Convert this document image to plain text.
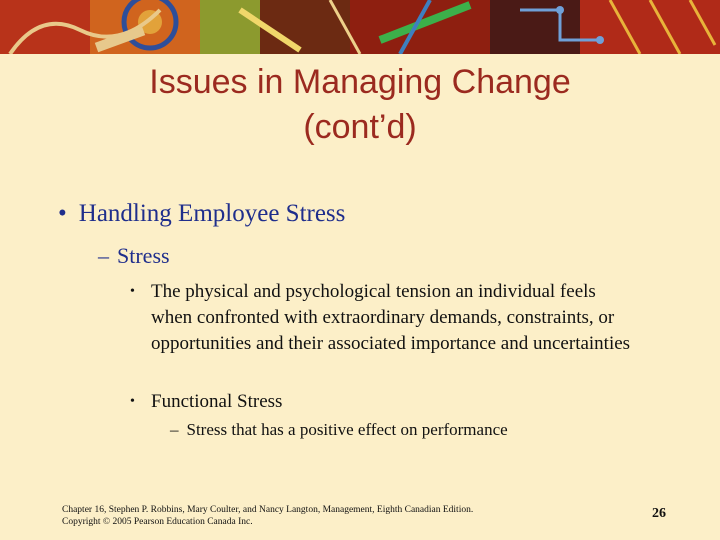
Issues in Managing Change
(cont’d)
• Handling Employee Stress
– Stress
• The physical and psychological tension an individual feels when confronted with extraordinary demands, constraints, or opportunities and their associated importance and uncertainties
• Functional Stress
– Stress that has a positive effect on performance
Chapter 16, Stephen P. Robbins, Mary Coulter, and Nancy Langton, Management, Eighth Canadian Edition.
Copyright © 2005 Pearson Education Canada Inc.
26
